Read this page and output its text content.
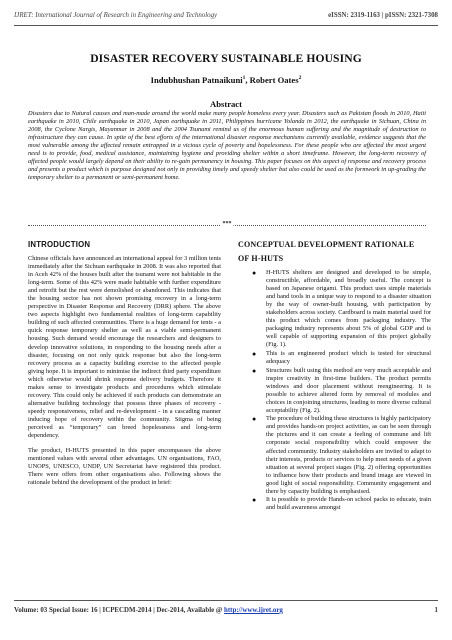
IJRET: International Journal of Research in Engineering and Technology	eISSN: 2319-1163 | pISSN: 2321-7308
DISASTER RECOVERY SUSTAINABLE HOUSING
Indubhushan Patnaikuni$^1$, Robert Oates$^2$
Abstract
Disasters due to Natural causes and man-made around the world make many people homeless every year. Disasters such as Pakistan floods in 2010, Haiti earthquake in 2010, Chile earthquake in 2010, Japan earthquake in 2011, Philippines hurricane Yolanda in 2012, the earthquake in Sichuan, China in 2008, the Cyclone Nargis, Mayanmar in 2008 and the 2004 Tsunami remind us of the enormous human suffering and the magnitude of destruction to infrastructure they can cause. In spite of the best efforts of the international disaster response mechanisms currently available, evidence suggests that the most vulnerable among the affected remain entrapped in a vicious cycle of poverty and hopelessness. For these people who are affected the most urgent need is to provide, food, medical assistance, maintaining hygiene and providing shelter within a short timeframe. However, the long-term recovery of affected people would largely depend on their ability to re-gain permanency in housing. This paper focuses on this aspect of response and recovery process and presents a product which is purpose designed not only in providing timely and speedy shelter but also could be used as the formwork in up-grading the temporary shelter to a permanent or semi-permanent home.
***
INTRODUCTION
Chinese officials have announced an international appeal for 3 million tents immediately after the Sichuan earthquake in 2008. It was also reported that in Aceh 42% of the houses built after the tsunami were not habitable in the long-term. Some of this 42% were made habitable with further expenditure and retrofit but the rest were demolished or abandoned. This indicates that the housing sector has not shown promising recovery in a long-term perspective in Disaster Response and Recovery (DRR) sphere. The above two aspects highlight two fundamental realities of long-term capability building of such affected communities. There is a huge demand for tents - a quick response temporary shelter as well as a viable semi-permanent housing. Such demand would encourage the researchers and designers to develop innovative solutions, in responding to the housing needs after a disaster, focusing on not only quick response but also the long-term recovery process as a capacity building exercise to the affected people giving hope. It is important to minimise the indirect third party expenditure which otherwise would shrink response delivery budgets. Therefore it makes sense to investigate products and procedures which stimulate recovery. This could only be achieved if such products can demonstrate an alternative building technology that possess three phases of recovery - speedy responsiveness, relief and re-development - in a cascading manner inducing hope of recovery within the community. Stigma of being perceived as “temporary” can breed hopelessness and long-term dependency.
The product, H-HUTS presented in this paper encompasses the above mentioned values with several other advantages. UN organisations, FAO, UNOPS, UNESCO, UNDP, UN Secretariat have registered this product. There were offers from other organisations also. Following shows the rationale behind the development of the product in brief:
CONCEPTUAL DEVELOPMENT RATIONALE
OF H-HUTS
● H-HUTS shelters are designed and developed to be simple, constructible, affordable, and broadly useful. The concept is based on Japanese origami. This product uses simple materials and hand tools in a unique way to respond to a disaster situation by the way of owner-built housing, with participation by stakeholders across society. Cardboard is main material used for this product which comes from packaging industry. The packaging industry represents about 5% of global GDP and is well capable of supporting expansion of this project globally (Fig. 1).
● This is an engineered product which is tested for structural adequacy
● Structures built using this method are very much acceptable and inspire creativity in first-time builders. The product permits windows and door placement without reengineering. It is possible to achieve altered form by removal of modules and choices in conjoining structures, leading to more diverse cultural acceptability (Fig. 2).
● The procedure of building these structures is highly participatory and provides hands-on project activities, as can be seen through the pictures and it can create a feeling of commune and lift corporate social responsibility which could empower the affected community. Industry stakeholders are invited to adapt to their interests, products or services to help meet needs of a given situation at several project stages (Fig. 2) offering opportunities to influence how their products and brand image are viewed in good light of social responsibility. Community engagement and there by capacity building is emphasised.
● It is possible to provide Hands-on school packs to educate, train and build awareness amongst
Volume: 03 Special Issue: 16 | ICPECDM-2014 | Dec-2014, Available @ http://www.ijret.org	1
